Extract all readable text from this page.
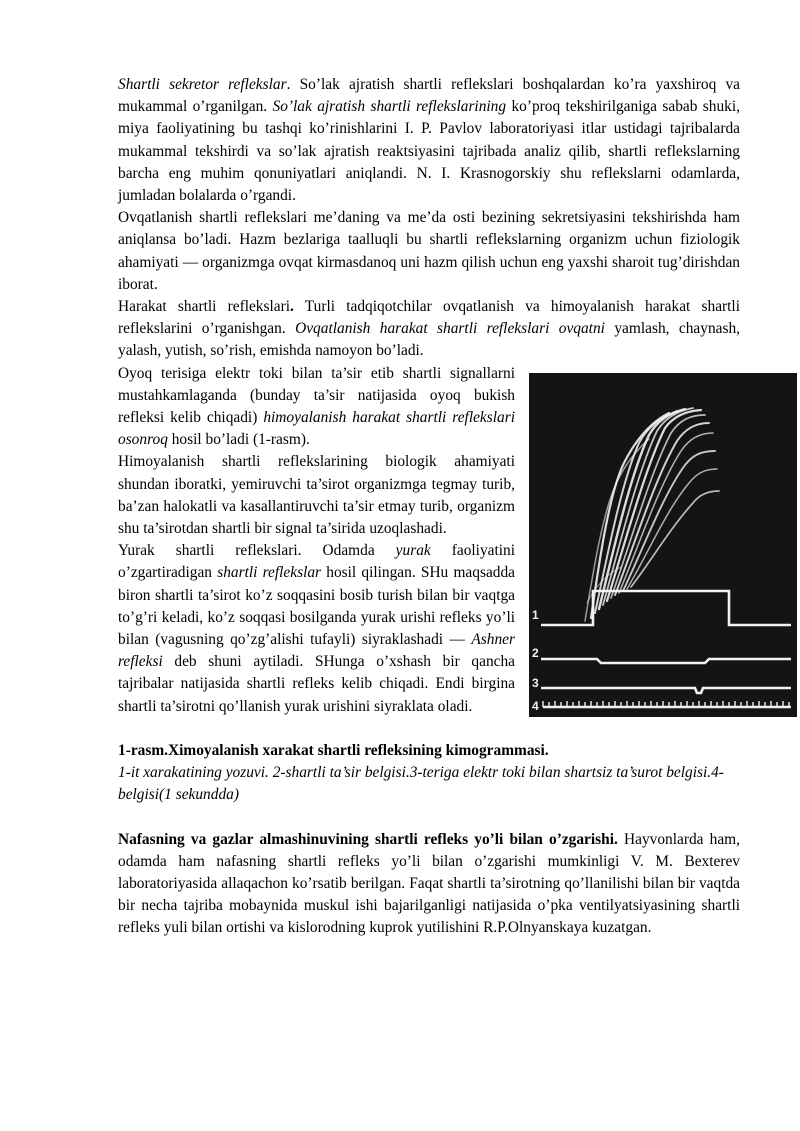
Shartli sekretor reflekslar. So’lak ajratish shartli reflekslari boshqalardan ko’ra yaxshiroq va mukammal o’rganilgan. So’lak ajratish shartli reflekslarining ko’proq tekshirilganiga sabab shuki, miya faoliyatining bu tashqi ko’rinishlarini I. P. Pavlov laboratoriyasi itlar ustidagi tajribalarda mukammal tekshirdi va so’lak ajratish reaktsiyasini tajribada analiz qilib, shartli reflekslarning barcha eng muhim qonuniyatlari aniqlandi. N. I. Krasnogorskiy shu reflekslarni odamlarda, jumladan bolalarda o’rgandi.

Ovqatlanish shartli reflekslari me’daning va me’da osti bezining sekretsiyasini tekshirishda ham aniqlansa bo’ladi. Hazm bezlariga taalluqli bu shartli reflekslarning organizm uchun fiziologik ahamiyati — organizmga ovqat kirmasdanoq uni hazm qilish uchun eng yaxshi sharoit tug’dirishdan iborat.

Harakat shartli reflekslari. Turli tadqiqotchilar ovqatlanish va himoyalanish harakat shartli reflekslarini o’rganishgan. Ovqatlanish harakat shartli reflekslari ovqatni yamlash, chaynash, yalash, yutish, so’rish, emishda namoyon bo’ladi.

1
2
3
4

Oyoq terisiga elektr toki bilan ta’sir etib shartli signallarni mustahkamlaganda (bunday ta’sir natijasida oyoq bukish refleksi kelib chiqadi) himoyalanish harakat shartli reflekslari osonroq hosil bo’ladi (1-rasm).

Himoyalanish shartli reflekslarining biologik ahamiyati shundan iboratki, yemiruvchi ta’sirot organizmga tegmay turib, ba’zan halokatli va kasallantiruvchi ta’sir etmay turib, organizm shu ta’sirotdan shartli bir signal ta’sirida uzoqlashadi.

Yurak shartli reflekslari. Odamda yurak faoliyatini o’zgartiradigan shartli reflekslar hosil qilingan. SHu maqsadda biron shartli ta’sirot ko’z soqqasini bosib turish bilan bir vaqtga to’g’ri keladi, ko’z soqqasi bosilganda yurak urishi refleks yo’li bilan (vagusning qo’zg’alishi tufayli) siyraklashadi — Ashner refleksi deb shuni aytiladi. SHunga o’xshash bir qancha tajribalar natijasida shartli refleks kelib chiqadi. Endi birgina shartli ta’sirotni qo’llanish yurak urishini siyraklata oladi.

1-rasm.Ximoyalanish xarakat shartli refleksining kimogrammasi.

1-it xarakatining yozuvi. 2-shartli ta’sir belgisi.3-teriga elektr toki bilan shartsiz ta’surot belgisi.4-belgisi(1 sekundda)

Nafasning va gazlar almashinuvining shartli refleks yo’li bilan o’zgarishi. Hayvonlarda ham, odamda ham nafasning shartli refleks yo’li bilan o’zgarishi mumkinligi V. M. Bexterev laboratoriyasida allaqachon ko’rsatib berilgan. Faqat shartli ta’sirotning qo’llanilishi bilan bir vaqtda bir necha tajriba mobaynida muskul ishi bajarilganligi natijasida o’pka ventilyatsiyasining shartli refleks yuli bilan ortishi va kislorodning kuprok yutilishini R.P.Olnyanskaya kuzatgan.
